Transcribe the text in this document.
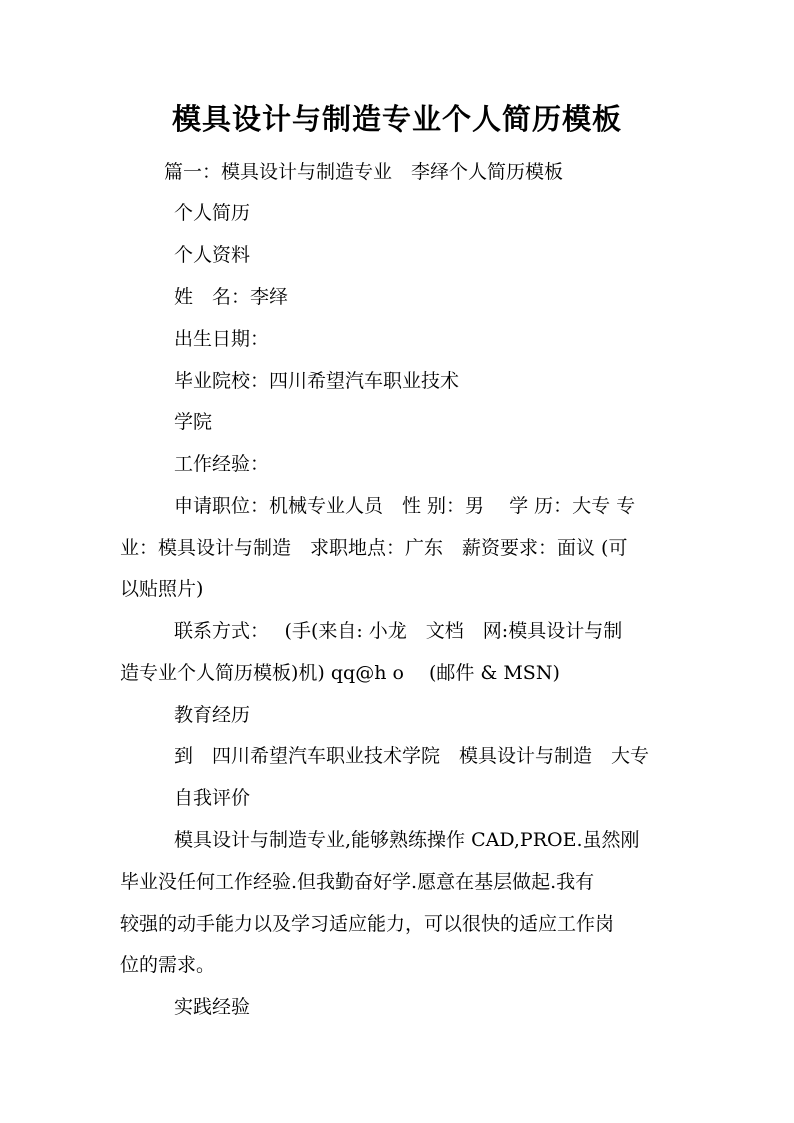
模具设计与制造专业个人简历模板
篇一：模具设计与制造专业　李绎个人简历模板
个人简历
个人资料
姓　名：李绎
出生日期：
毕业院校：四川希望汽车职业技术
学院
工作经验：
申请职位：机械专业人员　性 别：男　 学 历：大专 专
业：模具设计与制造　求职地点：广东　薪资要求：面议 (可
以贴照片)
联系方式：　 (手(来自: 小龙　文档　网:模具设计与制
造专业个人简历模板)机) qq@h o　 (邮件 & MSN)
教育经历
到　四川希望汽车职业技术学院　模具设计与制造　大专
自我评价
模具设计与制造专业,能够熟练操作 CAD,PROE.虽然刚
毕业没任何工作经验.但我勤奋好学.愿意在基层做起.我有
较强的动手能力以及学习适应能力，可以很快的适应工作岗
位的需求。
实践经验
